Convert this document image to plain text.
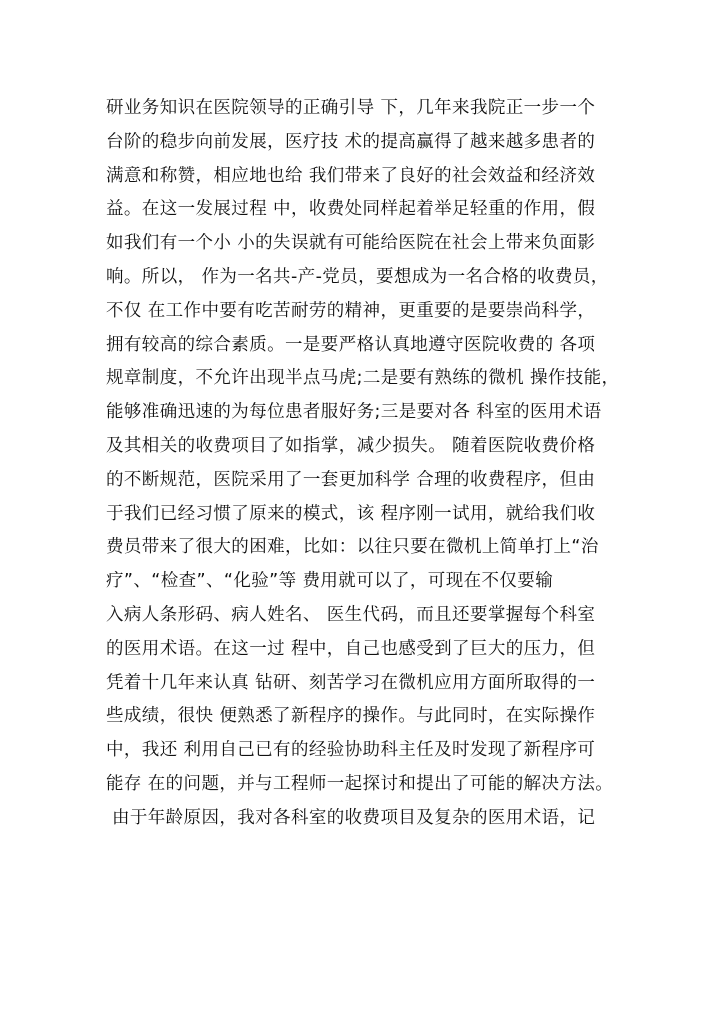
研业务知识在医院领导的正确引导 下，几年来我院正一步一个
台阶的稳步向前发展，医疗技 术的提高赢得了越来越多患者的
满意和称赞，相应地也给 我们带来了良好的社会效益和经济效
益。在这一发展过程 中，收费处同样起着举足轻重的作用，假
如我们有一个小 小的失误就有可能给医院在社会上带来负面影
响。所以， 作为一名共-产-党员，要想成为一名合格的收费员，
不仅 在工作中要有吃苦耐劳的精神，更重要的是要崇尚科学，
拥有较高的综合素质。一是要严格认真地遵守医院收费的 各项
规章制度，不允许出现半点马虎;二是要有熟练的微机 操作技能，
能够准确迅速的为每位患者服好务;三是要对各 科室的医用术语
及其相关的收费项目了如指掌，减少损失。 随着医院收费价格
的不断规范，医院采用了一套更加科学 合理的收费程序，但由
于我们已经习惯了原来的模式，该 程序刚一试用，就给我们收
费员带来了很大的困难，比如：以往只要在微机上简单打上“治
疗”、“检查”、“化验”等 费用就可以了，可现在不仅要输
入病人条形码、病人姓名、 医生代码，而且还要掌握每个科室
的医用术语。在这一过 程中，自己也感受到了巨大的压力，但
凭着十几年来认真 钻研、刻苦学习在微机应用方面所取得的一
些成绩，很快 便熟悉了新程序的操作。与此同时，在实际操作
中，我还 利用自己已有的经验协助科主任及时发现了新程序可
能存 在的问题，并与工程师一起探讨和提出了可能的解决方法。
由于年龄原因，我对各科室的收费项目及复杂的医用术语，记
